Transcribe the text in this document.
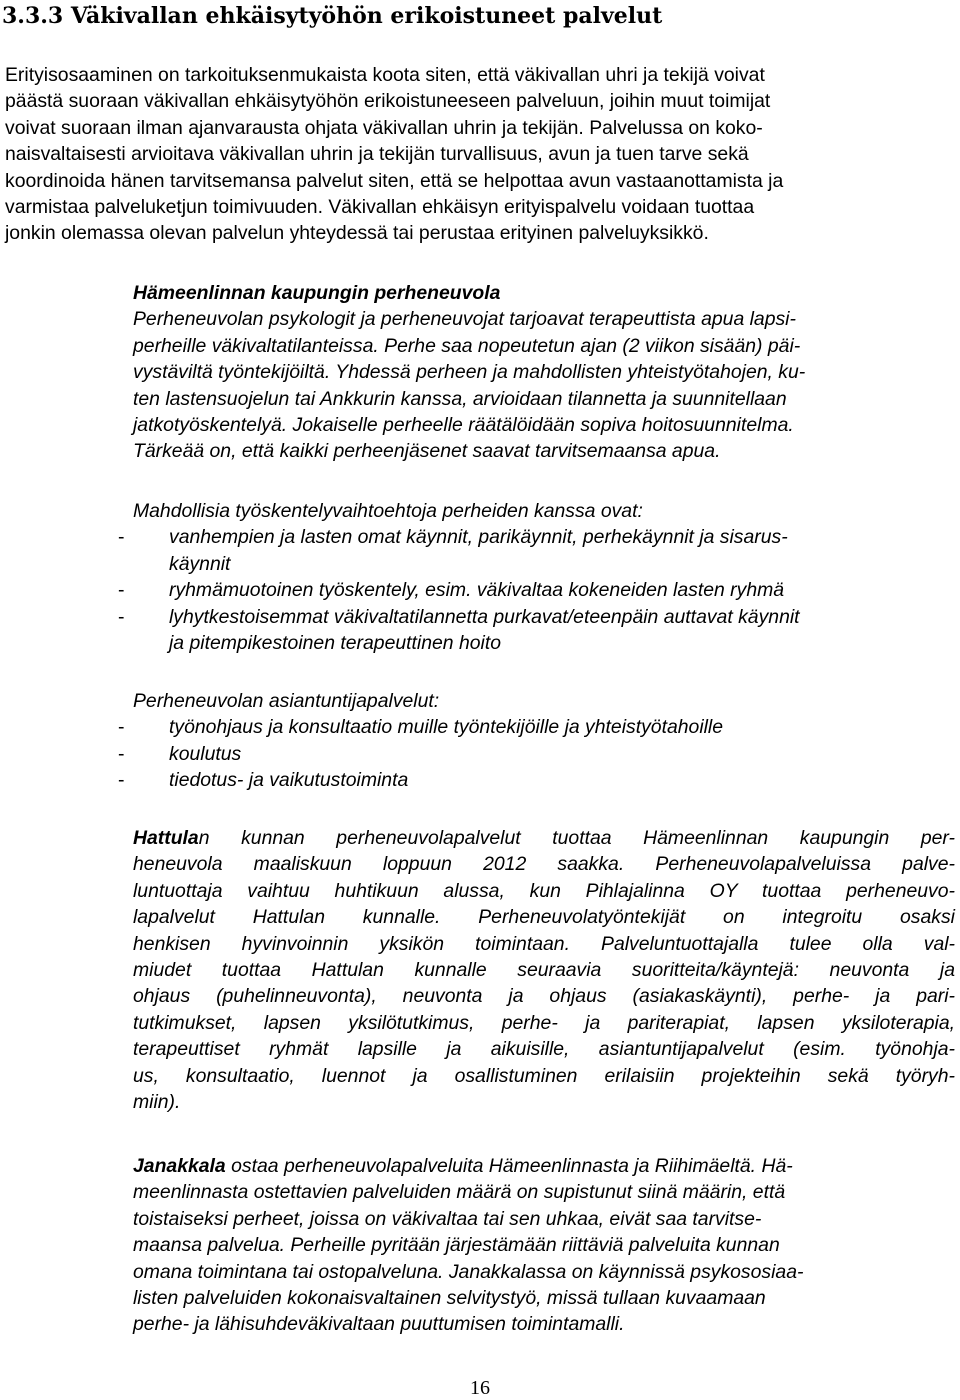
3.3.3 Väkivallan ehkäisytyöhön erikoistuneet palvelut

Erityisosaaminen on tarkoituksenmukaista koota siten, että väkivallan uhri ja tekijä voivat
päästä suoraan väkivallan ehkäisytyöhön erikoistuneeseen palveluun, joihin muut toimijat
voivat suoraan ilman ajanvarausta ohjata väkivallan uhrin ja tekijän. Palvelussa on koko-
naisvaltaisesti arvioitava väkivallan uhrin ja tekijän turvallisuus, avun ja tuen tarve sekä
koordinoida hänen tarvitsemansa palvelut siten, että se helpottaa avun vastaanottamista ja
varmistaa palveluketjun toimivuuden. Väkivallan ehkäisyn erityispalvelu voidaan tuottaa
jonkin olemassa olevan palvelun yhteydessä tai perustaa erityinen palveluyksikkö.

Hämeenlinnan kaupungin perheneuvola

Perheneuvolan psykologit ja perheneuvojat tarjoavat terapeuttista apua lapsi-
perheille väkivaltatilanteissa. Perhe saa nopeutetun ajan (2 viikon sisään) päi-
vystäviltä työntekijöiltä. Yhdessä perheen ja mahdollisten yhteistyötahojen, ku-
ten lastensuojelun tai Ankkurin kanssa, arvioidaan tilannetta ja suunnitellaan
jatkotyöskentelyä. Jokaiselle perheelle räätälöidään sopiva hoitosuunnitelma.
Tärkeää on, että kaikki perheenjäsenet saavat tarvitsemaansa apua.

Mahdollisia työskentelyvaihtoehtoja perheiden kanssa ovat:

- vanhempien ja lasten omat käynnit, parikäynnit, perhekäynnit ja sisarus-
käynnit
- ryhmämuotoinen työskentely, esim. väkivaltaa kokeneiden lasten ryhmä
- lyhytkestoisemmat väkivaltatilannetta purkavat/eteenpäin auttavat käynnit
ja pitempikestoinen terapeuttinen hoito

Perheneuvolan asiantuntijapalvelut:

- työnohjaus ja konsultaatio muille työntekijöille ja yhteistyötahoille
- koulutus
- tiedotus- ja vaikutustoiminta

Hattulan kunnan perheneuvolapalvelut tuottaa Hämeenlinnan kaupungin per-
heneuvola maaliskuun loppuun 2012 saakka. Perheneuvolapalveluissa palve-
luntuottaja vaihtuu huhtikuun alussa, kun Pihlajalinna OY tuottaa perheneuvo-
lapalvelut Hattulan kunnalle. Perheneuvolatyöntekijät on integroitu osaksi
henkisen hyvinvoinnin yksikön toimintaan. Palveluntuottajalla tulee olla val-
miudet tuottaa Hattulan kunnalle seuraavia suoritteita/käyntejä: neuvonta ja
ohjaus (puhelinneuvonta), neuvonta ja ohjaus (asiakaskäynti), perhe- ja pari-
tutkimukset, lapsen yksilötutkimus, perhe- ja pariterapiat, lapsen yksiloterapia,
terapeuttiset ryhmät lapsille ja aikuisille, asiantuntijapalvelut (esim. työnohja-
us, konsultaatio, luennot ja osallistuminen erilaisiin projekteihin sekä työryh-
miin).

Janakkala ostaa perheneuvolapalveluita Hämeenlinnasta ja Riihimäeltä. Hä-
meenlinnasta ostettavien palveluiden määrä on supistunut siinä määrin, että
toistaiseksi perheet, joissa on väkivaltaa tai sen uhkaa, eivät saa tarvitse-
maansa palvelua. Perheille pyritään järjestämään riittäviä palveluita kunnan
omana toimintana tai ostopalveluna. Janakkalassa on käynnissä psykososiaa-
listen palveluiden kokonaisvaltainen selvitystyö, missä tullaan kuvaamaan
perhe- ja lähisuhdeväkivaltaan puuttumisen toimintamalli.

16
